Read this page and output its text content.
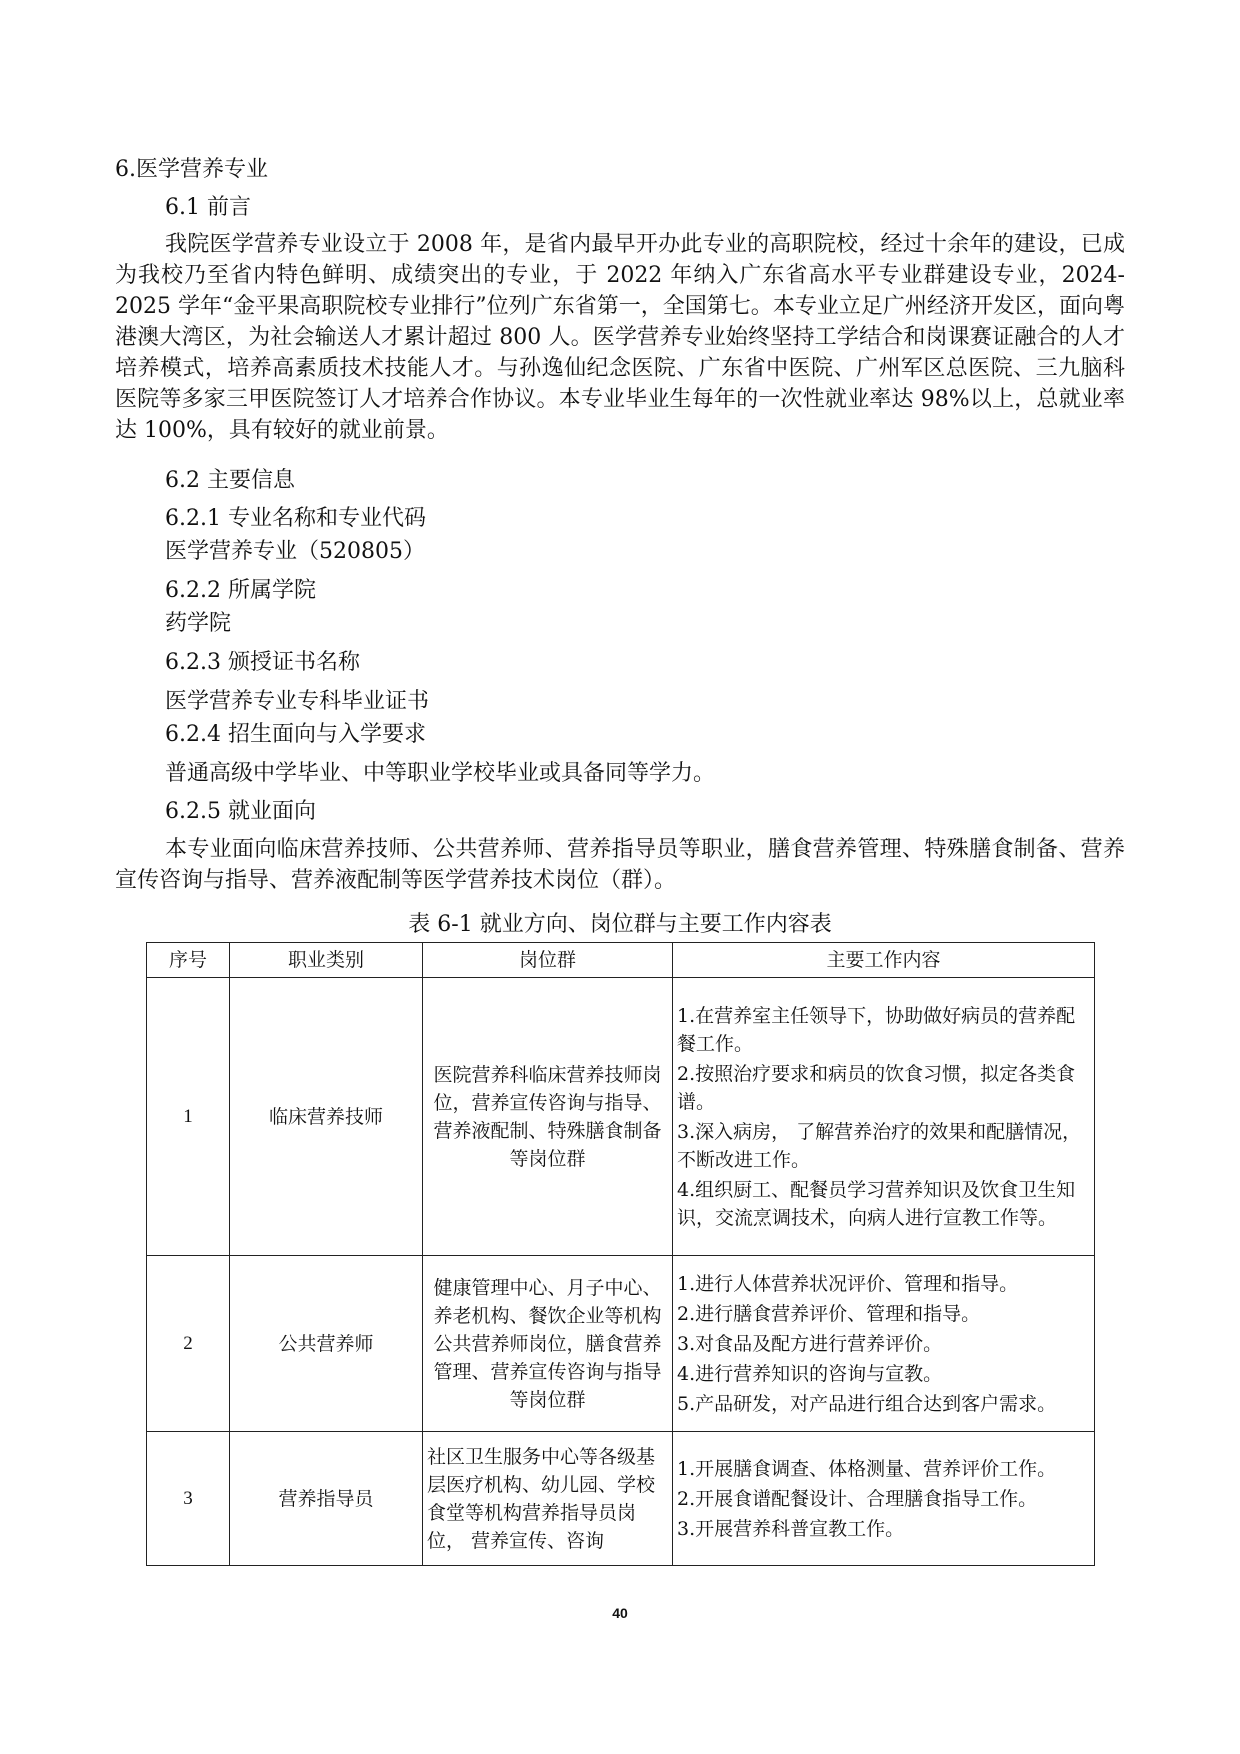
6.医学营养专业
6.1 前言

我院医学营养专业设立于 2008 年，是省内最早开办此专业的高职院校，经过十余年的建设，已成为我校乃至省内特色鲜明、成绩突出的专业，于 2022 年纳入广东省高水平专业群建设专业，2024-2025 学年“金平果高职院校专业排行”位列广东省第一，全国第七。本专业立足广州经济开发区，面向粤港澳大湾区，为社会输送人才累计超过 800 人。医学营养专业始终坚持工学结合和岗课赛证融合的人才培养模式，培养高素质技术技能人才。与孙逸仙纪念医院、广东省中医院、广州军区总医院、三九脑科医院等多家三甲医院签订人才培养合作协议。本专业毕业生每年的一次性就业率达 98%以上，总就业率达 100%，具有较好的就业前景。

6.2 主要信息
6.2.1 专业名称和专业代码
医学营养专业（520805）
6.2.2 所属学院
药学院
6.2.3 颁授证书名称
医学营养专业专科毕业证书
6.2.4 招生面向与入学要求
普通高级中学毕业、中等职业学校毕业或具备同等学力。
6.2.5 就业面向

本专业面向临床营养技师、公共营养师、营养指导员等职业，膳食营养管理、特殊膳食制备、营养宣传咨询与指导、营养液配制等医学营养技术岗位（群）。

表 6-1 就业方向、岗位群与主要工作内容表
序号	职业类别	岗位群	主要工作内容
1	临床营养技师	医院营养科临床营养技师岗位，营养宣传咨询与指导、营养液配制、特殊膳食制备等岗位群	1.在营养室主任领导下，协助做好病员的营养配餐工作。
2.按照治疗要求和病员的饮食习惯，拟定各类食谱。
3.深入病房， 了解营养治疗的效果和配膳情况，不断改进工作。
4.组织厨工、配餐员学习营养知识及饮食卫生知识，交流烹调技术，向病人进行宣教工作等。

2	公共营养师	健康管理中心、月子中心、养老机构、餐饮企业等机构公共营养师岗位，膳食营养管理、营养宣传咨询与指导等岗位群	1.进行人体营养状况评价、管理和指导。
2.进行膳食营养评价、管理和指导。
3.对食品及配方进行营养评价。
4.进行营养知识的咨询与宣教。
5.产品研发，对产品进行组合达到客户需求。

3	营养指导员	社区卫生服务中心等各级基层医疗机构、幼儿园、学校食堂等机构营养指导员岗位， 营养宣传、咨询	1.开展膳食调查、体格测量、营养评价工作。
2.开展食谱配餐设计、合理膳食指导工作。
3.开展营养科普宣教工作。
40
